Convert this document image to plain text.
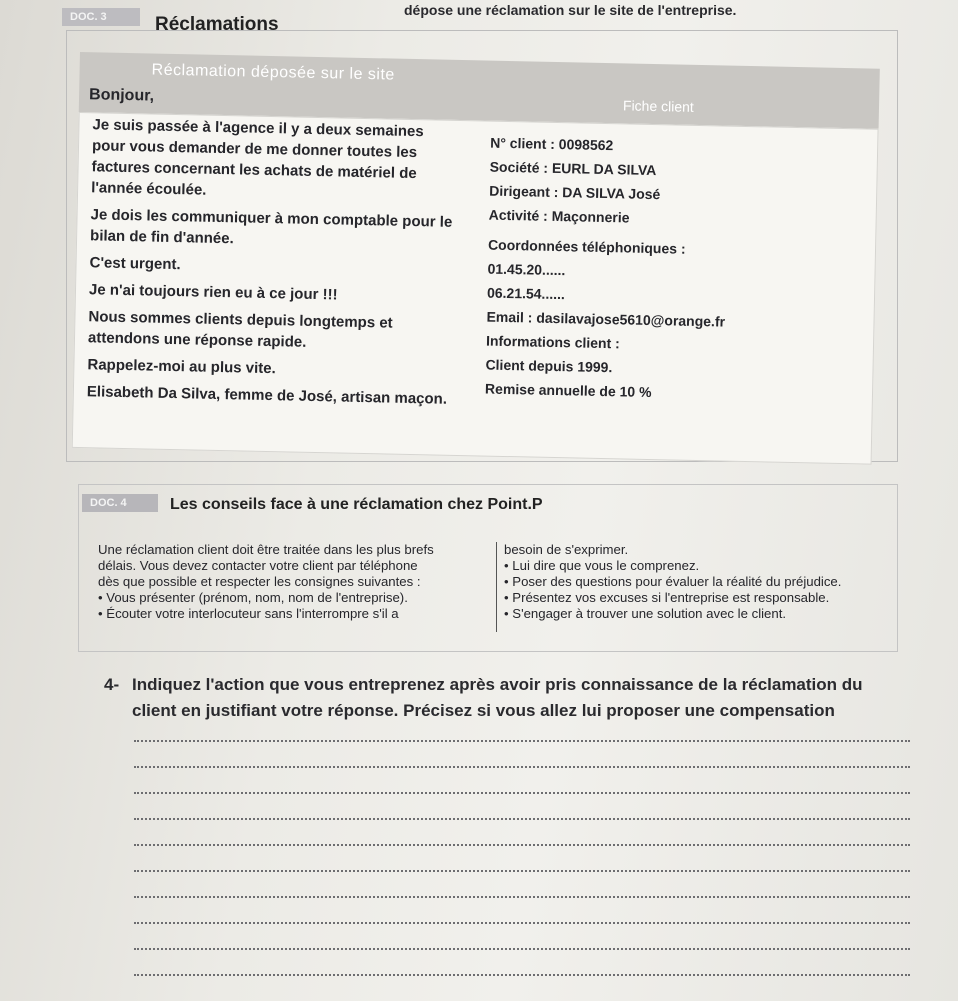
dépose une réclamation sur le site de l'entreprise.
DOC. 3	Réclamations
Réclamation déposée sur le site
Fiche client
Bonjour,

Je suis passée à l'agence il y a deux semaines

pour vous demander de me donner toutes les

factures concernant les achats de matériel de

l'année écoulée.

Je dois les communiquer à mon comptable pour le

bilan de fin d'année.

C'est urgent.

Je n'ai toujours rien eu à ce jour !!!

Nous sommes clients depuis longtemps et

attendons une réponse rapide.

Rappelez-moi au plus vite.

Elisabeth Da Silva, femme de José, artisan maçon.

N° client : 0098562
Société : EURL DA SILVA
Dirigeant : DA SILVA José
Activité : Maçonnerie
Coordonnées téléphoniques :
01.45.20......
06.21.54......
Email : dasilavajose5610@orange.fr
Informations client :
Client depuis 1999.
Remise annuelle de 10 %
DOC. 4	Les conseils face à une réclamation chez Point.P
Une réclamation client doit être traitée dans les plus brefs
délais. Vous devez contacter votre client par téléphone
dès que possible et respecter les consignes suivantes :
• Vous présenter (prénom, nom, nom de l'entreprise).
• Écouter votre interlocuteur sans l'interrompre s'il a
besoin de s'exprimer.
• Lui dire que vous le comprenez.
• Poser des questions pour évaluer la réalité du préjudice.
• Présentez vos excuses si l'entreprise est responsable.
• S'engager à trouver une solution avec le client.
4- Indiquez l'action que vous entreprenez après avoir pris connaissance de la réclamation du
client en justifiant votre réponse. Précisez si vous allez lui proposer une compensation
